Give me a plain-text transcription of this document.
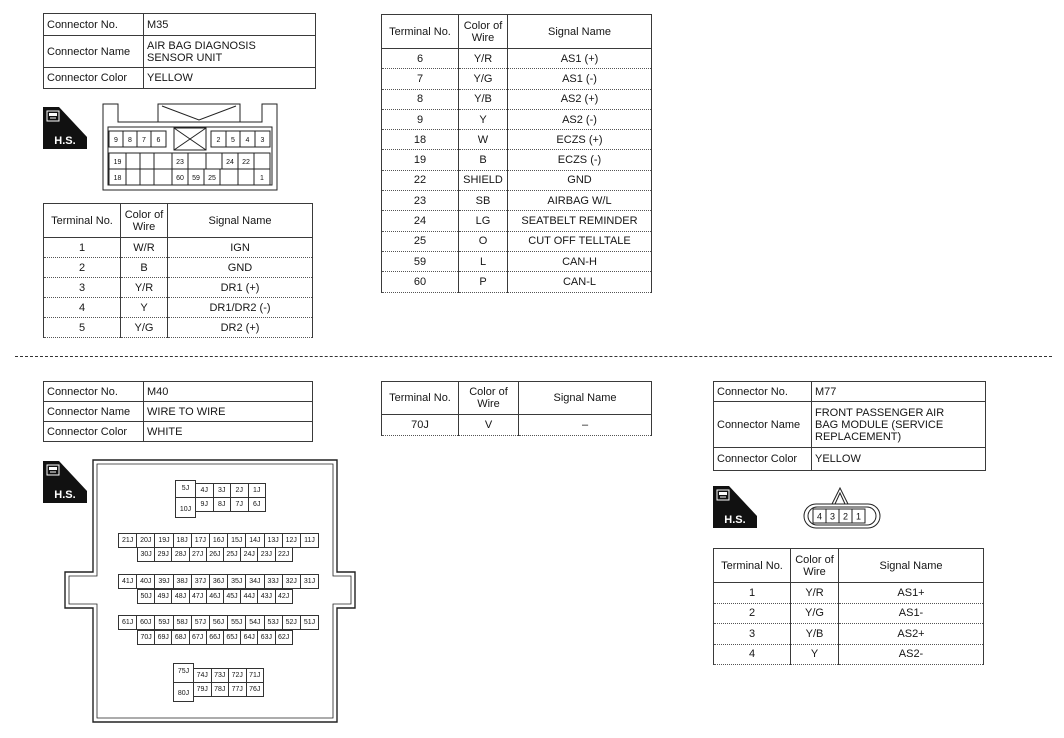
Connector No.	M35
Connector Name	AIR BAG DIAGNOSIS
SENSOR UNIT

Connector Color	YELLOW
H.S.	9 8 7 6	2 5 4 3
19	23	24 22
18	60 59 25	1
Terminal No.	Color of Wire	Signal Name
1	W/R	IGN
2	B	GND
3	Y/R	DR1 (+)
4	Y	DR1/DR2 (-)
5	Y/G	DR2 (+)
Terminal No.	Color of Wire	Signal Name
6	Y/R	AS1 (+)
7	Y/G	AS1 (-)
8	Y/B	AS2 (+)
9	Y	AS2 (-)
18	W	ECZS (+)
19	B	ECZS (-)
22	SHIELD	GND
23	SB	AIRBAG W/L
24	LG	SEATBELT REMINDER
25	O	CUT OFF TELLTALE
59	L	CAN-H
60	P	CAN-L
Connector No.	M40
Connector Name	WIRE TO WIRE
Connector Color	WHITE
H.S.
5J
10J
4J	3J	2J	1J
9J	8J	7J	6J
21J 20J 19J 18J 17J 16J 15J 14J 13J 12J	11J
30J 29J 28J 27J 26J 25J 24J 23J 22J
41J 40J 39J 38J 37J 36J 35J 34J 33J 32J 31J
50J 49J 48J 47J 46J 45J 44J 43J 42J
61J 60J 59J 58J 57J 56J 55J 54J 53J 52J 51J
70J 69J 68J 67J 66J 65J 64J 63J 62J
75J
80J
74J 73J 72J 71J
79J 78J 77J 76J
Terminal No.	Color of Wire	Signal Name
70J	V	–
Connector No.	M77
Connector Name	FRONT PASSENGER AIR
BAG MODULE (SERVICE
REPLACEMENT)

Connector Color	YELLOW
H.S.	4 3 2 1
Terminal No.	Color of Wire	Signal Name
1	Y/R	AS1+
2	Y/G	AS1-
3	Y/B	AS2+
4	Y	AS2-
